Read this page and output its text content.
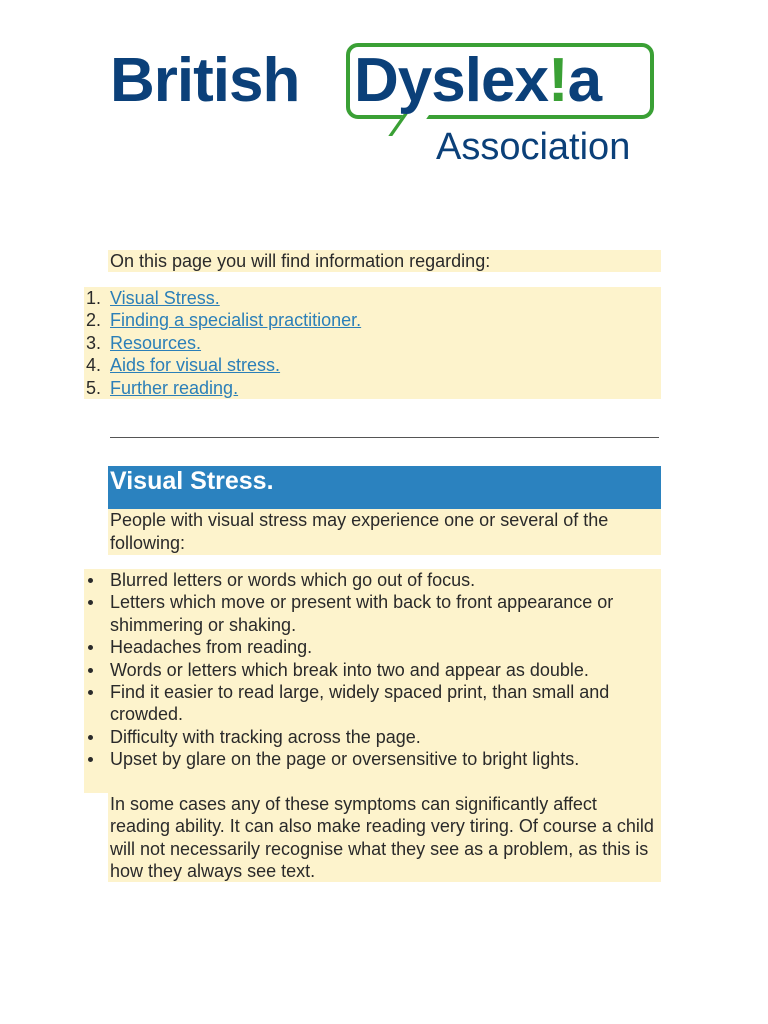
British Dyslex!a
Association
On this page you will find information regarding:
1. Visual Stress.
2. Finding a specialist practitioner.
3. Resources.
4. Aids for visual stress.
5. Further reading.
Visual Stress.
People with visual stress may experience one or several of the following:
Blurred letters or words which go out of focus.
Letters which move or present with back to front appearance or shimmering or shaking.
Headaches from reading.
Words or letters which break into two and appear as double.
Find it easier to read large, widely spaced print, than small and crowded.
Difficulty with tracking across the page.
Upset by glare on the page or oversensitive to bright lights.
In some cases any of these symptoms can significantly affect reading ability. It can also make reading very tiring. Of course a child will not necessarily recognise what they see as a problem, as this is how they always see text.
